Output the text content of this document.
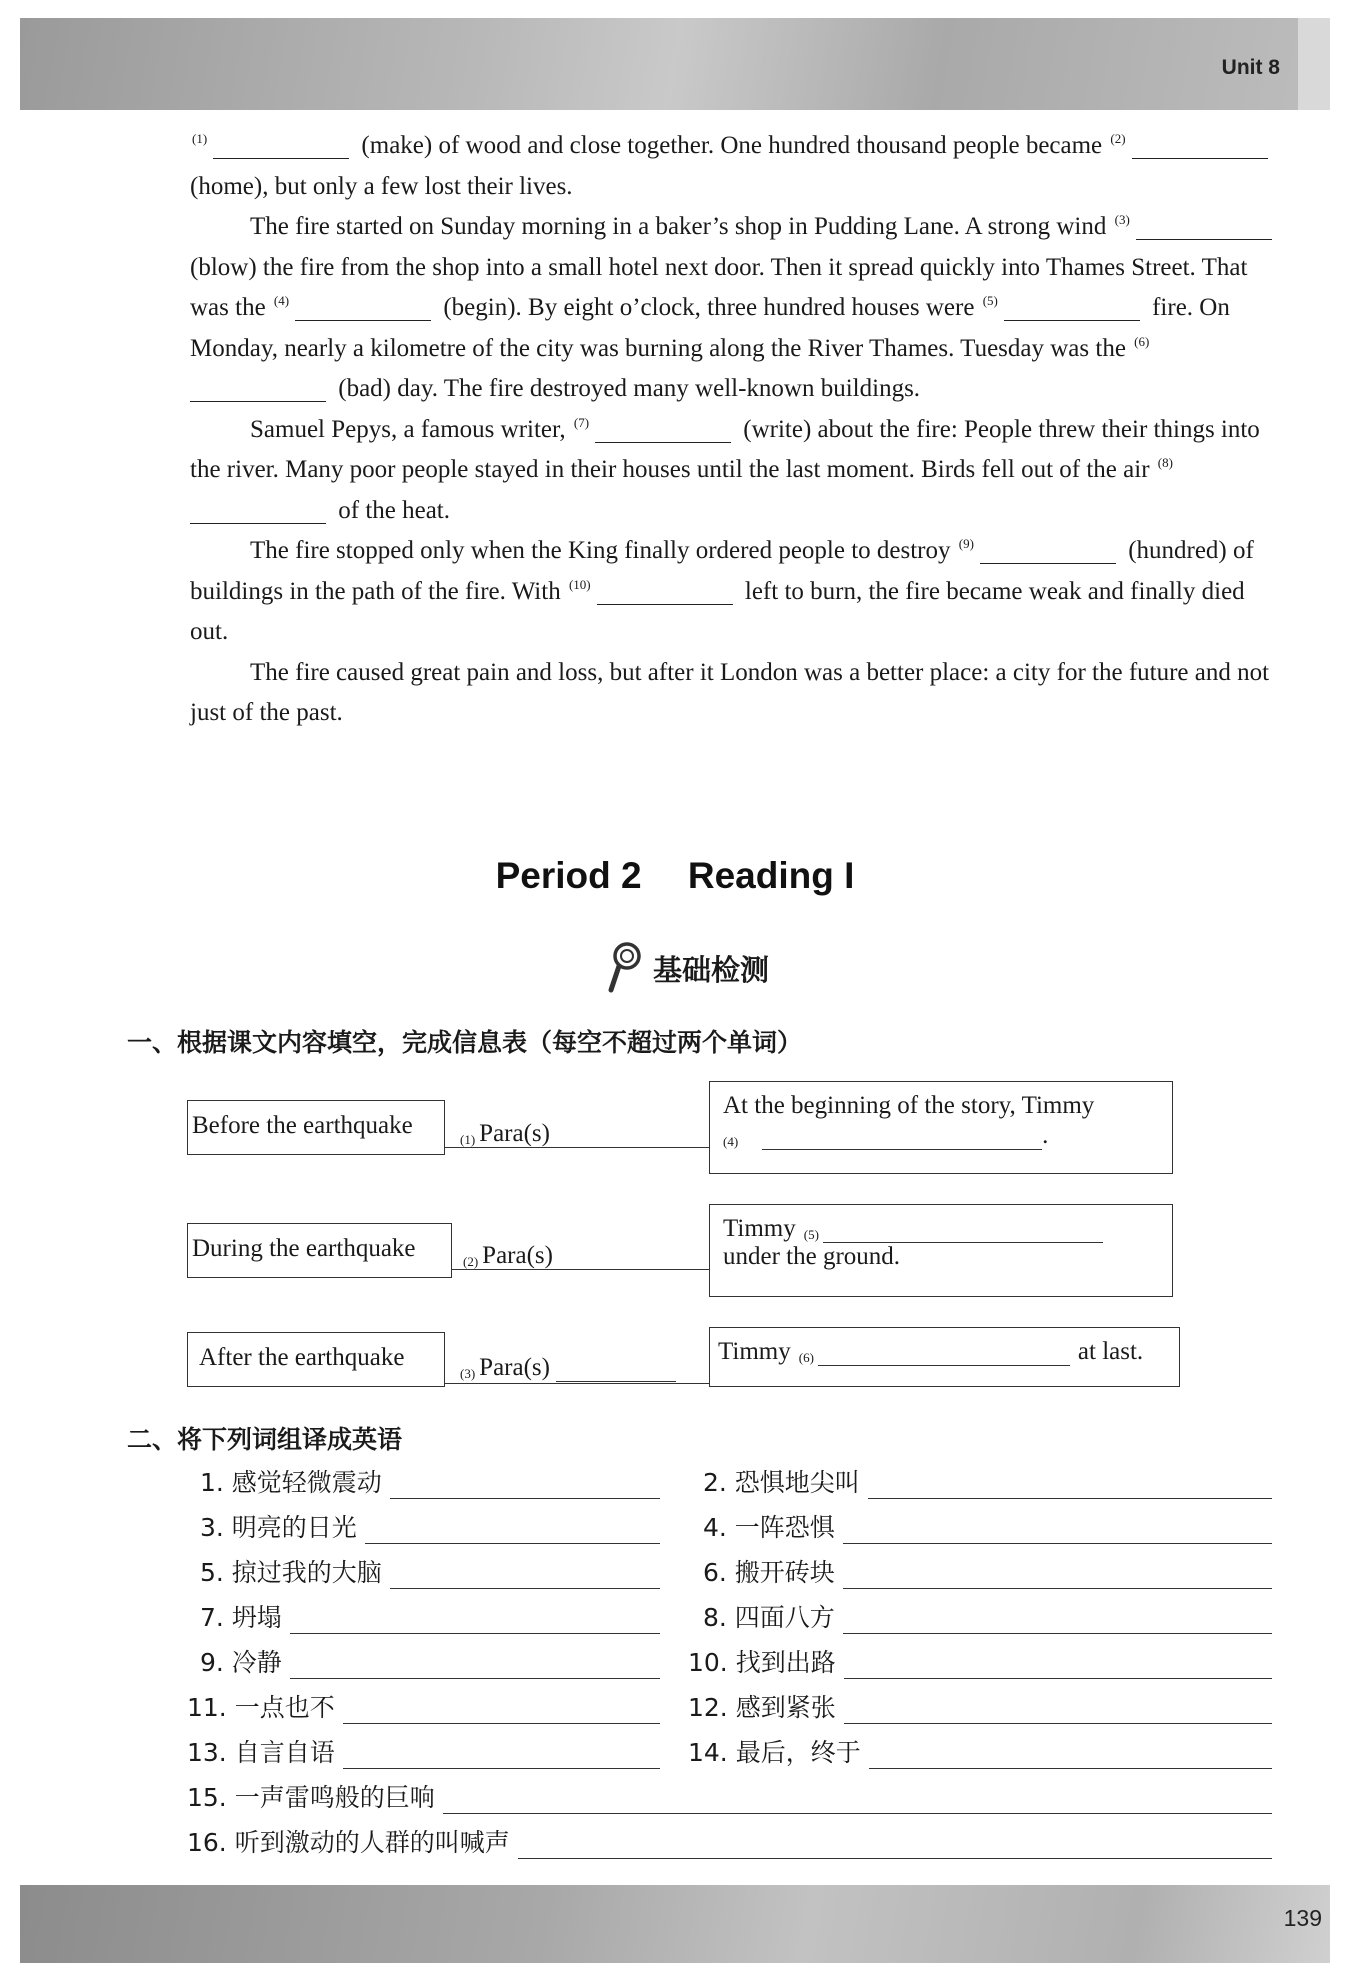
Unit 8

$^{(1)}$	(make) of wood and close together. One hundred thousand people became $^{(2)}$ (home), but only a few lost their lives.

The fire started on Sunday morning in a baker’s shop in Pudding Lane. A strong wind $^{(3)}$ (blow) the fire from the shop into a small hotel next door. Then it spread quickly into Thames Street. That was the $^{(4)}$	(begin). By eight o’clock, three hundred houses were $^{(5)}$	fire. On Monday, nearly a kilometre of the city was burning along the River Thames. Tuesday was the $^{(6)}$ (bad) day. The fire destroyed many well-known buildings.

Samuel Pepys, a famous writer, $^{(7)}$	(write) about the fire: People threw their things into the river. Many poor people stayed in their houses until the last moment. Birds fell out of the air $^{(8)}$ of the heat.

The fire stopped only when the King finally ordered people to destroy $^{(9)}$	(hundred) of buildings in the path of the fire. With $^{(10)}$	left to burn, the fire became weak and finally died out.

The fire caused great pain and loss, but after it London was a better place: a city for the future and not just of the past.

Period 2 Reading I
基础检测
一、根据课文内容填空，完成信息表（每空不超过两个单词）
Before the earthquake
(1) Para(s)
At the beginning of the story, Timmy
(4)	.
During the earthquake	(2) Para(s)
Timmy (5)
under the ground.
After the earthquake
(3) Para(s)
Timmy (6)	at last.
二、将下列词组译成英语
1. 感觉轻微震动	2. 恐惧地尖叫
3. 明亮的日光	4. 一阵恐惧
5. 掠过我的大脑	6. 搬开砖块
7. 坍塌	8. 四面八方
9. 冷静	10. 找到出路
11. 一点也不	12. 感到紧张
13. 自言自语	14. 最后，终于
15. 一声雷鸣般的巨响
16. 听到激动的人群的叫喊声
139
